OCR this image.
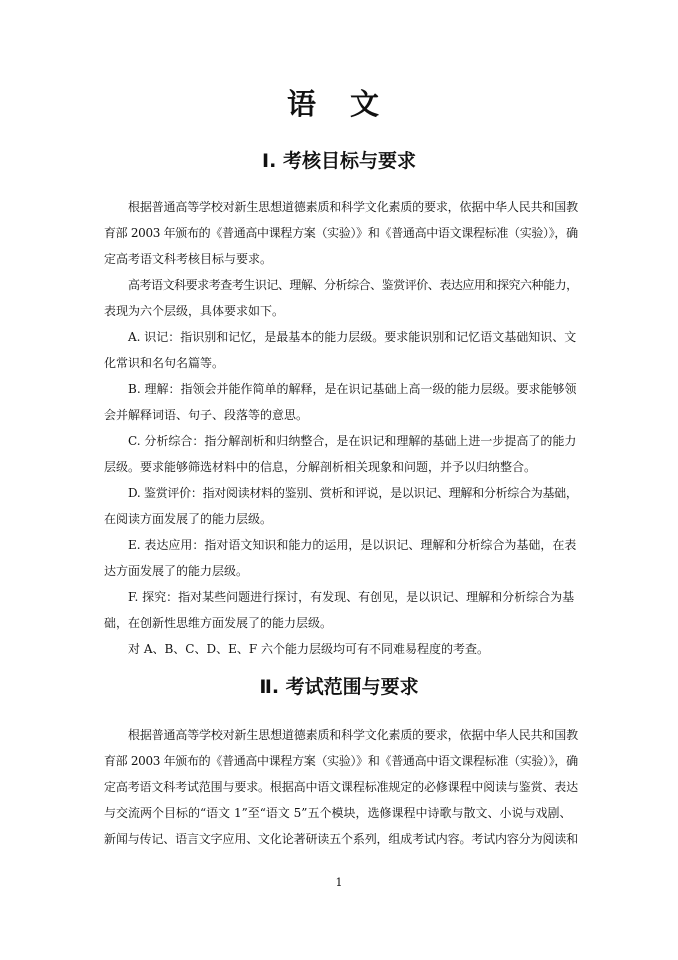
语 文
Ⅰ. 考核目标与要求
根据普通高等学校对新生思想道德素质和科学文化素质的要求，依据中华人民共和国教
育部 2003 年颁布的《普通高中课程方案（实验）》和《普通高中语文课程标准（实验）》，确
定高考语文科考核目标与要求。
高考语文科要求考查考生识记、理解、分析综合、鉴赏评价、表达应用和探究六种能力，
表现为六个层级，具体要求如下。
A. 识记：指识别和记忆，是最基本的能力层级。要求能识别和记忆语文基础知识、文
化常识和名句名篇等。
B. 理解：指领会并能作简单的解释，是在识记基础上高一级的能力层级。要求能够领
会并解释词语、句子、段落等的意思。
C. 分析综合：指分解剖析和归纳整合，是在识记和理解的基础上进一步提高了的能力
层级。要求能够筛选材料中的信息，分解剖析相关现象和问题，并予以归纳整合。
D. 鉴赏评价：指对阅读材料的鉴别、赏析和评说，是以识记、理解和分析综合为基础，
在阅读方面发展了的能力层级。
E. 表达应用：指对语文知识和能力的运用，是以识记、理解和分析综合为基础，在表
达方面发展了的能力层级。
F. 探究：指对某些问题进行探讨，有发现、有创见，是以识记、理解和分析综合为基
础，在创新性思维方面发展了的能力层级。
对 A、B、C、D、E、F 六个能力层级均可有不同难易程度的考查。
Ⅱ. 考试范围与要求
根据普通高等学校对新生思想道德素质和科学文化素质的要求，依据中华人民共和国教
育部 2003 年颁布的《普通高中课程方案（实验）》和《普通高中语文课程标准（实验）》，确
定高考语文科考试范围与要求。根据高中语文课程标准规定的必修课程中阅读与鉴赏、表达
与交流两个目标的“语文 1”至“语文 5”五个模块，选修课程中诗歌与散文、小说与戏剧、
新闻与传记、语言文字应用、文化论著研读五个系列，组成考试内容。考试内容分为阅读和
1
